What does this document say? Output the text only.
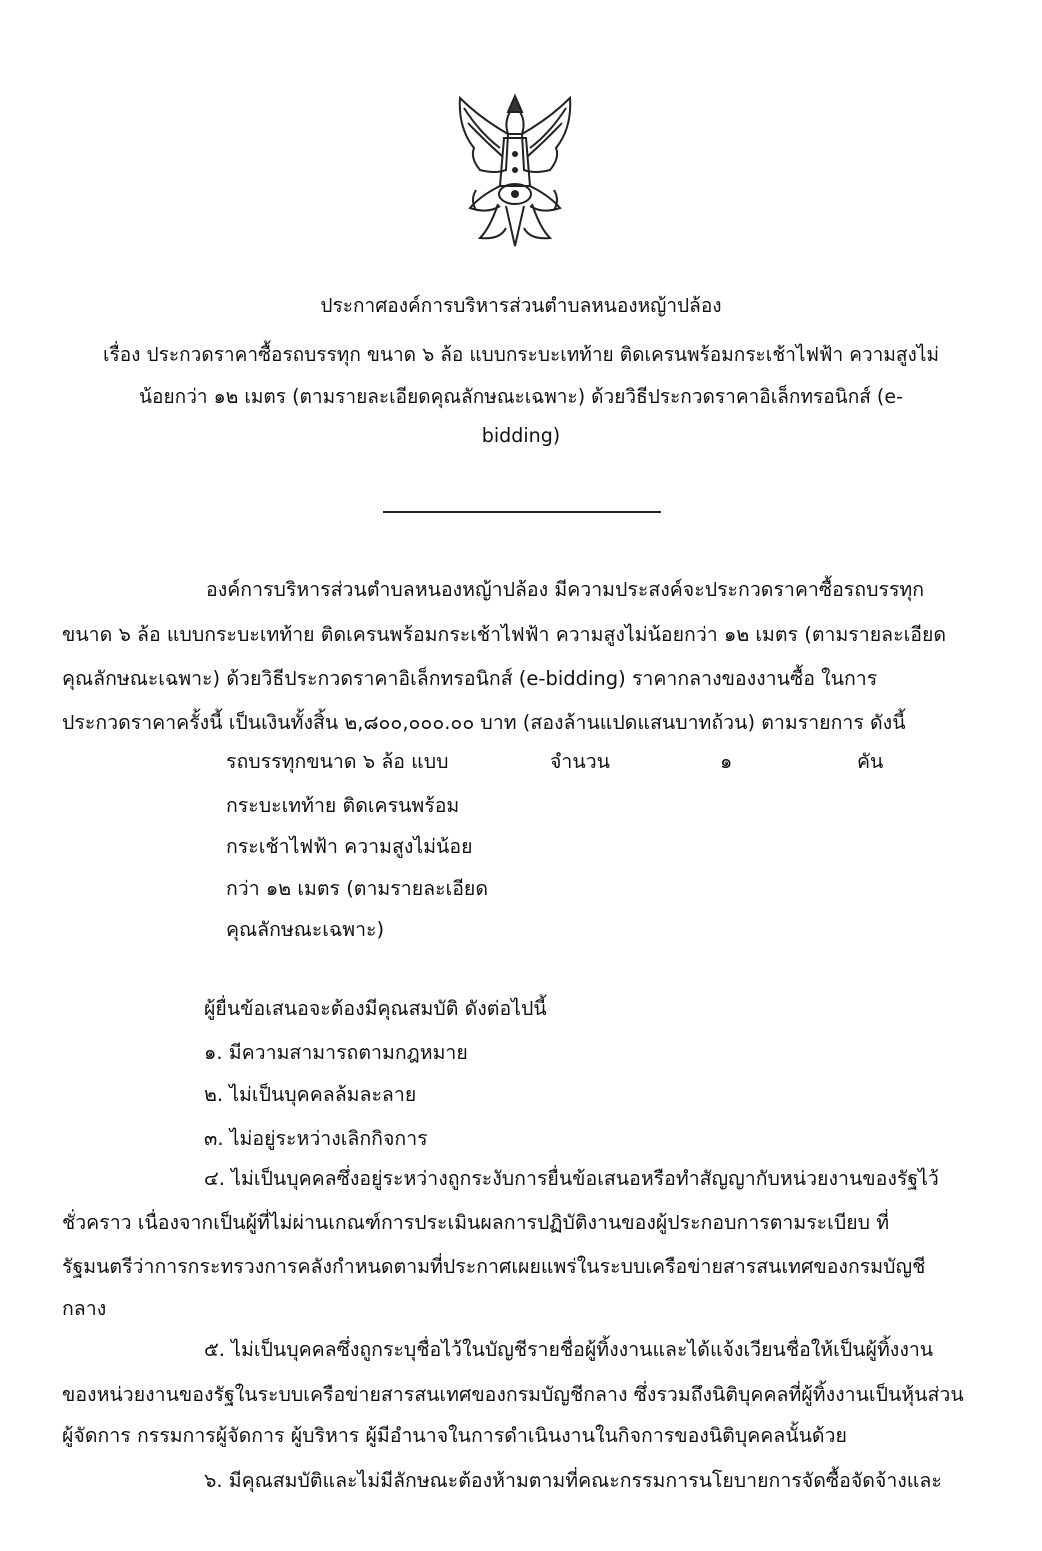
ประกาศองค์การบริหารส่วนตำบลหนองหญ้าปล้อง
เรื่อง ประกวดราคาซื้อรถบรรทุก ขนาด ๖ ล้อ แบบกระบะเทท้าย ติดเครนพร้อมกระเช้าไฟฟ้า ความสูงไม่
น้อยกว่า ๑๒ เมตร (ตามรายละเอียดคุณลักษณะเฉพาะ) ด้วยวิธีประกวดราคาอิเล็กทรอนิกส์ (e-
bidding)
องค์การบริหารส่วนตำบลหนองหญ้าปล้อง มีความประสงค์จะประกวดราคาซื้อรถบรรทุก
ขนาด ๖ ล้อ แบบกระบะเทท้าย ติดเครนพร้อมกระเช้าไฟฟ้า ความสูงไม่น้อยกว่า ๑๒ เมตร (ตามรายละเอียด
คุณลักษณะเฉพาะ) ด้วยวิธีประกวดราคาอิเล็กทรอนิกส์ (e-bidding) ราคากลางของงานซื้อ ในการ
ประกวดราคาครั้งนี้ เป็นเงินทั้งสิ้น ๒,๘๐๐,๐๐๐.๐๐ บาท (สองล้านแปดแสนบาทถ้วน) ตามรายการ ดังนี้
รถบรรทุกขนาด ๖ ล้อ แบบ
กระบะเทท้าย ติดเครนพร้อม
กระเช้าไฟฟ้า ความสูงไม่น้อย
กว่า ๑๒ เมตร (ตามรายละเอียด
คุณลักษณะเฉพาะ)
จำนวน	๑	คัน
ผู้ยื่นข้อเสนอจะต้องมีคุณสมบัติ ดังต่อไปนี้
๑. มีความสามารถตามกฎหมาย
๒. ไม่เป็นบุคคลล้มละลาย
๓. ไม่อยู่ระหว่างเลิกกิจการ
๔. ไม่เป็นบุคคลซึ่งอยู่ระหว่างถูกระงับการยื่นข้อเสนอหรือทำสัญญากับหน่วยงานของรัฐไว้
ชั่วคราว เนื่องจากเป็นผู้ที่ไม่ผ่านเกณฑ์การประเมินผลการปฏิบัติงานของผู้ประกอบการตามระเบียบ ที่
รัฐมนตรีว่าการกระทรวงการคลังกำหนดตามที่ประกาศเผยแพร่ในระบบเครือข่ายสารสนเทศของกรมบัญชี
กลาง
๕. ไม่เป็นบุคคลซึ่งถูกระบุชื่อไว้ในบัญชีรายชื่อผู้ทิ้งงานและได้แจ้งเวียนชื่อให้เป็นผู้ทิ้งงาน
ของหน่วยงานของรัฐในระบบเครือข่ายสารสนเทศของกรมบัญชีกลาง ซึ่งรวมถึงนิติบุคคลที่ผู้ทิ้งงานเป็นหุ้นส่วน
ผู้จัดการ กรรมการผู้จัดการ ผู้บริหาร ผู้มีอำนาจในการดำเนินงานในกิจการของนิติบุคคลนั้นด้วย
๖. มีคุณสมบัติและไม่มีลักษณะต้องห้ามตามที่คณะกรรมการนโยบายการจัดซื้อจัดจ้างและ
